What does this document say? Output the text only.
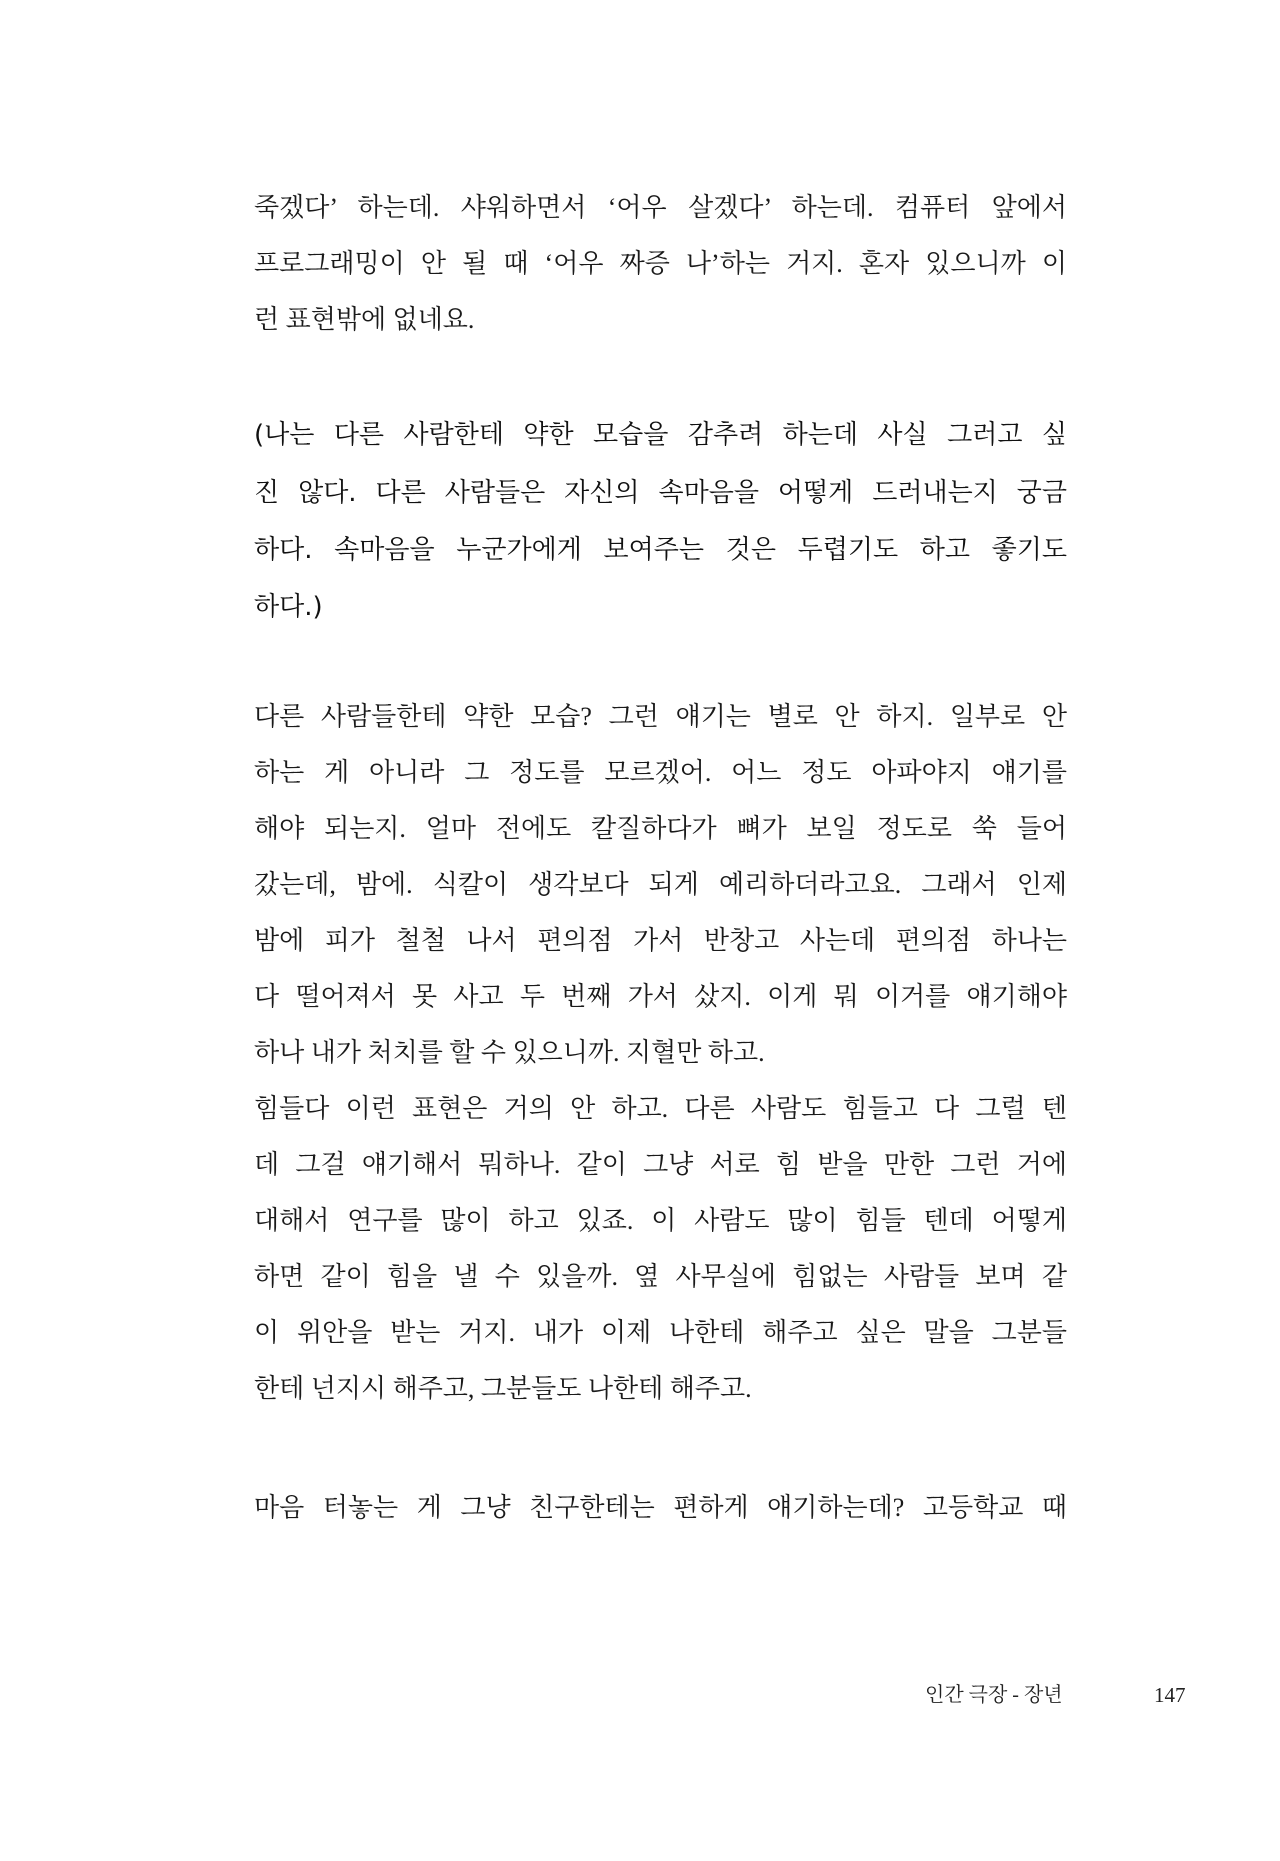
죽겠다’ 하는데. 샤워하면서 ‘어우 살겠다’ 하는데. 컴퓨터 앞에서
프로그래밍이 안 될 때 ‘어우 짜증 나’하는 거지. 혼자 있으니까 이
런 표현밖에 없네요.
(나는 다른 사람한테 약한 모습을 감추려 하는데 사실 그러고 싶
진 않다. 다른 사람들은 자신의 속마음을 어떻게 드러내는지 궁금
하다. 속마음을 누군가에게 보여주는 것은 두렵기도 하고 좋기도
하다.)
다른 사람들한테 약한 모습? 그런 얘기는 별로 안 하지. 일부로 안
하는 게 아니라 그 정도를 모르겠어. 어느 정도 아파야지 얘기를
해야 되는지. 얼마 전에도 칼질하다가 뼈가 보일 정도로 쑥 들어
갔는데, 밤에. 식칼이 생각보다 되게 예리하더라고요. 그래서 인제
밤에 피가 철철 나서 편의점 가서 반창고 사는데 편의점 하나는
다 떨어져서 못 사고 두 번째 가서 샀지. 이게 뭐 이거를 얘기해야
하나 내가 처치를 할 수 있으니까. 지혈만 하고.
힘들다 이런 표현은 거의 안 하고. 다른 사람도 힘들고 다 그럴 텐
데 그걸 얘기해서 뭐하나. 같이 그냥 서로 힘 받을 만한 그런 거에
대해서 연구를 많이 하고 있죠. 이 사람도 많이 힘들 텐데 어떻게
하면 같이 힘을 낼 수 있을까. 옆 사무실에 힘없는 사람들 보며 같
이 위안을 받는 거지. 내가 이제 나한테 해주고 싶은 말을 그분들
한테 넌지시 해주고, 그분들도 나한테 해주고.
마음 터놓는 게 그냥 친구한테는 편하게 얘기하는데? 고등학교 때
인간 극장 - 장년	147
